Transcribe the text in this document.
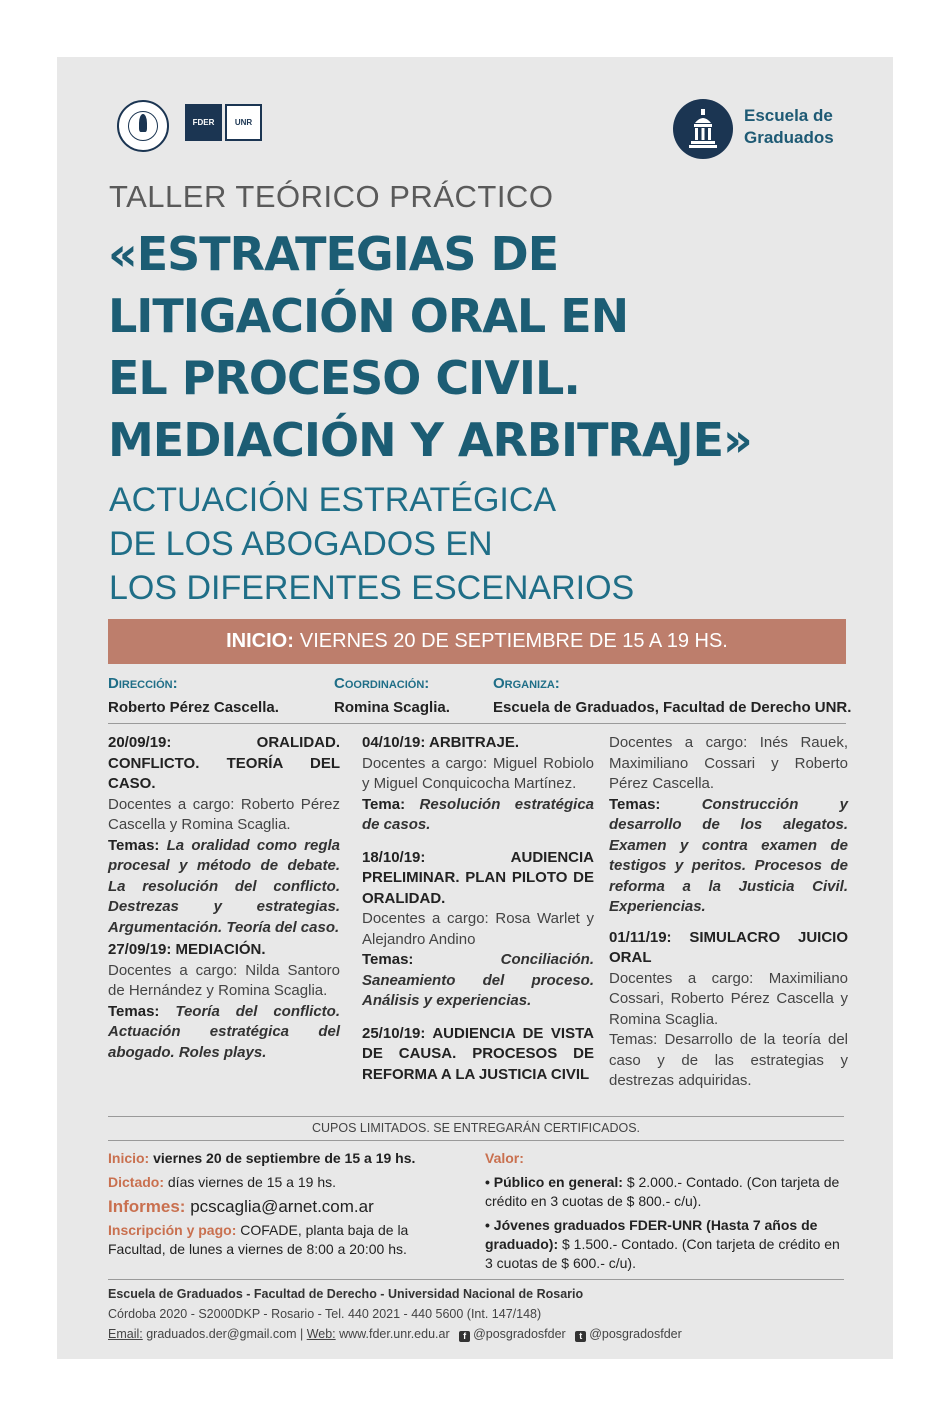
FDER	UNR	Escuela de
Graduados
TALLER TEÓRICO PRÁCTICO
«ESTRATEGIAS DE
LITIGACIÓN ORAL EN
EL PROCESO CIVIL.
MEDIACIÓN Y ARBITRAJE»
ACTUACIÓN ESTRATÉGICA
DE LOS ABOGADOS EN
LOS DIFERENTES ESCENARIOS
INICIO: VIERNES 20 DE SEPTIEMBRE DE 15 A 19 HS.
Dirección:
Roberto Pérez Cascella.
Coordinación:
Romina Scaglia.
Organiza:
Escuela de Graduados, Facultad de Derecho UNR.

20/09/19: ORALIDAD. CONFLICTO. TEORÍA DEL CASO.

Docentes a cargo: Roberto Pérez Cascella y Romina Scaglia.

Temas: La oralidad como regla procesal y método de debate. La resolución del conflicto. Destrezas y estrategias. Argumentación. Teoría del caso.

27/09/19: MEDIACIÓN.

Docentes a cargo: Nilda Santoro de Hernández y Romina Scaglia.

Temas: Teoría del conflicto. Actuación estratégica del abogado. Roles plays.

04/10/19: ARBITRAJE.

Docentes a cargo: Miguel Robiolo y Miguel Conquicocha Martínez.

Tema: Resolución estratégica de casos.

18/10/19: AUDIENCIA PRELIMINAR. PLAN PILOTO DE ORALIDAD.

Docentes a cargo: Rosa Warlet y Alejandro Andino

Temas:	Conciliación. Saneamiento del proceso. Análisis y experiencias.

25/10/19: AUDIENCIA DE VISTA DE CAUSA. PROCESOS DE REFORMA A LA JUSTICIA CIVIL

Docentes a cargo: Inés Rauek, Maximiliano Cossari y Roberto Pérez Cascella.

Temas:	Construcción y desarrollo de los alegatos. Examen y contra examen de testigos y peritos. Procesos de reforma a la Justicia Civil. Experiencias.

01/11/19: SIMULACRO JUICIO ORAL

Docentes a cargo: Maximiliano Cossari, Roberto Pérez Cascella y Romina Scaglia.

Temas: Desarrollo de la teoría del caso y de las estrategias y destrezas adquiridas.

CUPOS LIMITADOS. SE ENTREGARÁN CERTIFICADOS.
Inicio: viernes 20 de septiembre de 15 a 19 hs.
Dictado: días viernes de 15 a 19 hs.
Informes: pcscaglia@arnet.com.ar
Inscripción y pago: COFADE, planta baja de la Facultad, de lunes a viernes de 8:00 a 20:00 hs.
Valor:
• Público en general: $ 2.000.- Contado. (Con tarjeta de crédito en 3 cuotas de $ 800.- c/u).
• Jóvenes graduados FDER-UNR (Hasta 7 años de graduado): $ 1.500.- Contado. (Con tarjeta de crédito en 3 cuotas de $ 600.- c/u).
Escuela de Graduados - Facultad de Derecho - Universidad Nacional de Rosario
Córdoba 2020 - S2000DKP - Rosario - Tel. 440 2021 - 440 5600 (Int. 147/148)
Email: graduados.der@gmail.com | Web: www.fder.unr.edu.ar f @posgradosfder t @posgradosfder
